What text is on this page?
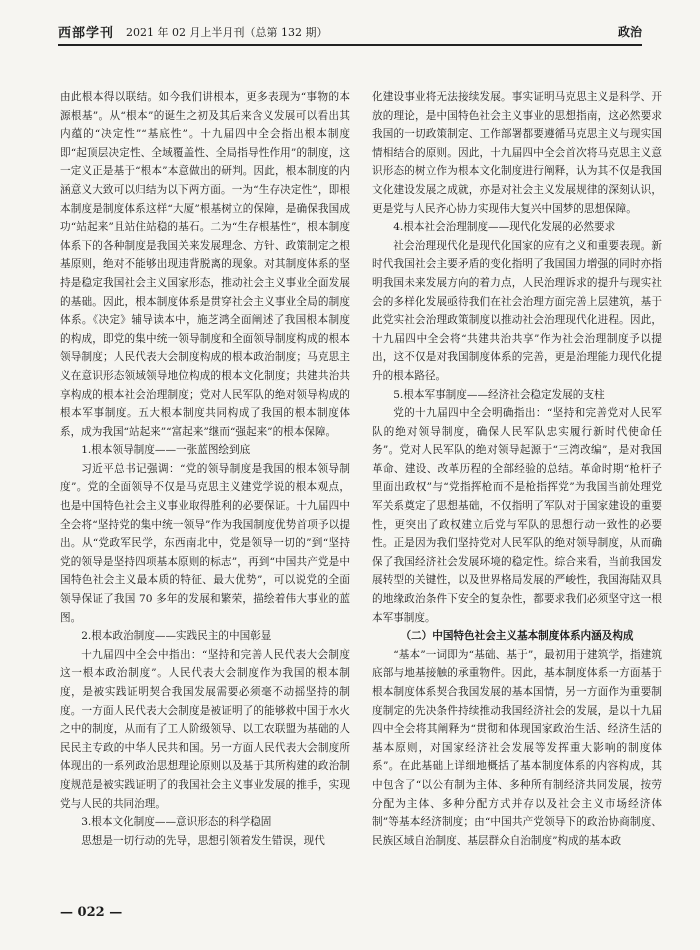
西部学刊 2021 年 02 月上半月刊（总第 132 期）	政治

由此根本得以联结。如今我们讲根本，更多表现为“事物的本源根基”。从“根本”的诞生之初及其后来含义发展可以看出其内蕴的“决定性”“基底性”。十九届四中全会指出根本制度即“起顶层决定性、全域覆盖性、全局指导性作用”的制度，这一定义正是基于“根本”本意做出的研判。因此，根本制度的内涵意义大致可以归结为以下两方面。一为“生存决定性”，即根本制度是制度体系这样“大厦”根基树立的保障，是确保我国成功“站起来”且站住站稳的基石。二为“生存根基性”，根本制度体系下的各种制度是我国关来发展理念、方针、政策制定之根基原则，绝对不能够出现违背脱离的现象。对其制度体系的坚持是稳定我国社会主义国家形态，推动社会主义事业全面发展的基础。因此，根本制度体系是贯穿社会主义事业全局的制度体系。《决定》辅导读本中，施芝鸿全面阐述了我国根本制度的构成，即党的集中统一领导制度和全面领导制度构成的根本领导制度；人民代表大会制度构成的根本政治制度；马克思主义在意识形态领域领导地位构成的根本文化制度；共建共治共享构成的根本社会治理制度；党对人民军队的绝对领导构成的根本军事制度。五大根本制度共同构成了我国的根本制度体系，成为我国“站起来”“富起来”继而“强起来”的根本保障。

1.根本领导制度——一张蓝图绘到底

习近平总书记强调：“党的领导制度是我国的根本领导制度”。党的全面领导不仅是马克思主义建党学说的根本观点，也是中国特色社会主义事业取得胜利的必要保证。十九届四中全会将“坚持党的集中统一领导”作为我国制度优势首项予以提出。从“党政军民学，东西南北中，党是领导一切的”到“坚持党的领导是坚持四项基本原则的标志”，再到“中国共产党是中国特色社会主义最本质的特征、最大优势”，可以说党的全面领导保证了我国 70 多年的发展和繁荣，描绘着伟大事业的蓝图。

2.根本政治制度——实践民主的中国彰显

十九届四中全会中指出：“坚持和完善人民代表大会制度这一根本政治制度”。人民代表大会制度作为我国的根本制度，是被实践证明契合我国发展需要必须毫不动摇坚持的制度。一方面人民代表大会制度是被证明了的能够救中国于水火之中的制度，从而有了工人阶级领导、以工农联盟为基础的人民民主专政的中华人民共和国。另一方面人民代表大会制度所体现出的一系列政治思想理论原则以及基于其所构建的政治制度规范是被实践证明了的我国社会主义事业发展的推手，实现党与人民的共同治理。

3.根本文化制度——意识形态的科学稳固

思想是一切行动的先导，思想引领着发生错误，现代

化建设事业将无法接续发展。事实证明马克思主义是科学、开放的理论，是中国特色社会主义事业的思想指南，这必然要求我国的一切政策制定、工作部署都要遵循马克思主义与现实国情相结合的原则。因此，十九届四中全会首次将马克思主义意识形态的树立作为根本文化制度进行阐释，认为其不仅是我国文化建设发展之成就，亦是对社会主义发展规律的深刻认识，更是党与人民齐心协力实现伟大复兴中国梦的思想保障。

4.根本社会治理制度——现代化发展的必然要求

社会治理现代化是现代化国家的应有之义和重要表现。新时代我国社会主要矛盾的变化指明了我国国力增强的同时亦指明我国未来发展方向的着力点，人民治理诉求的提升与现实社会的多样化发展亟待我们在社会治理方面完善上层建筑，基于此党实社会治理政策制度以推动社会治理现代化进程。因此，十九届四中全会将“共建共治共享”作为社会治理制度予以提出，这不仅是对我国制度体系的完善，更是治理能力现代化提升的根本路径。

5.根本军事制度——经济社会稳定发展的支柱

党的十九届四中全会明确指出：“坚持和完善党对人民军队的绝对领导制度，确保人民军队忠实履行新时代使命任务”。党对人民军队的绝对领导起源于“三湾改编”，是对我国革命、建设、改革历程的全部经验的总结。革命时期“枪杆子里面出政权”与“党指挥枪而不是枪指挥党”为我国当前处理党军关系奠定了思想基础，不仅指明了军队对于国家建设的重要性，更突出了政权建立后党与军队的思想行动一致性的必要性。正是因为我们坚持党对人民军队的绝对领导制度，从而确保了我国经济社会发展环境的稳定性。综合来看，当前我国发展转型的关键性，以及世界格局发展的严峻性，我国海陆双具的地缘政治条件下安全的复杂性，都要求我们必须坚守这一根本军事制度。

（二）中国特色社会主义基本制度体系内涵及构成

“基本”一词即为“基础、基于”，最初用于建筑学，指建筑底部与地基接触的承重物件。因此，基本制度体系一方面基于根本制度体系契合我国发展的基本国情，另一方面作为重要制度制定的先决条件持续推动我国经济社会的发展，是以十九届四中全会将其阐释为“贯彻和体现国家政治生活、经济生活的基本原则，对国家经济社会发展等发挥重大影响的制度体系”。在此基础上详细地概括了基本制度体系的内容构成，其中包含了“以公有制为主体、多种所有制经济共同发展，按劳分配为主体、多种分配方式并存以及社会主义市场经济体制”等基本经济制度；由“中国共产党领导下的政治协商制度、民族区域自治制度、基层群众自治制度”构成的基本政

— 022 —
